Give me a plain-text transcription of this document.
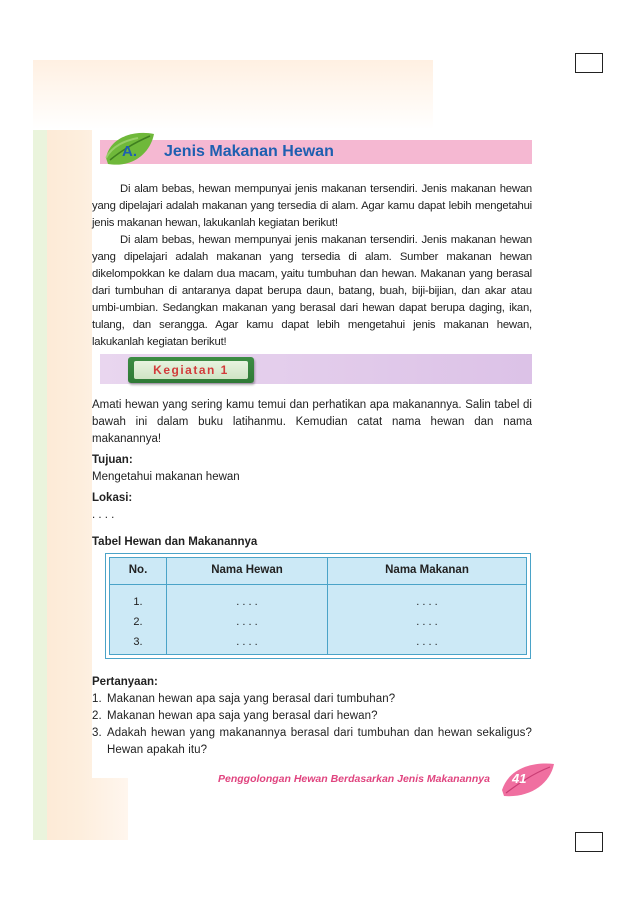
A. Jenis Makanan Hewan

Di alam bebas, hewan mempunyai jenis makanan tersendiri. Jenis makanan hewan yang dipelajari adalah makanan yang tersedia di alam. Agar kamu dapat lebih mengetahui jenis makanan hewan, lakukanlah kegiatan berikut!

Di alam bebas, hewan mempunyai jenis makanan tersendiri. Jenis makanan hewan yang dipelajari adalah makanan yang tersedia di alam. Sumber makanan hewan dikelompokkan ke dalam dua macam, yaitu tumbuhan dan hewan. Makanan yang berasal dari tumbuhan di antaranya dapat berupa daun, batang, buah, biji-bijian, dan akar atau umbi-umbian. Sedangkan makanan yang berasal dari hewan dapat berupa daging, ikan, tulang, dan serangga. Agar kamu dapat lebih mengetahui jenis makanan hewan, lakukanlah kegiatan berikut!

Kegiatan 1
Amati hewan yang sering kamu temui dan perhatikan apa makanannya. Salin tabel di bawah ini dalam buku latihanmu. Kemudian catat nama hewan dan nama makanannya!
Tujuan:
Mengetahui makanan hewan
Lokasi:
. . . .
Tabel Hewan dan Makanannya
No.	Nama Hewan	Nama Makanan
1.	. . . .	. . . .
2.	. . . .	. . . .
3.	. . . .	. . . .
Pertanyaan:
1. Makanan hewan apa saja yang berasal dari tumbuhan?
2. Makanan hewan apa saja yang berasal dari hewan?
3. Adakah hewan yang makanannya berasal dari tumbuhan dan hewan sekaligus? Hewan apakah itu?
Penggolongan Hewan Berdasarkan Jenis Makanannya 41
